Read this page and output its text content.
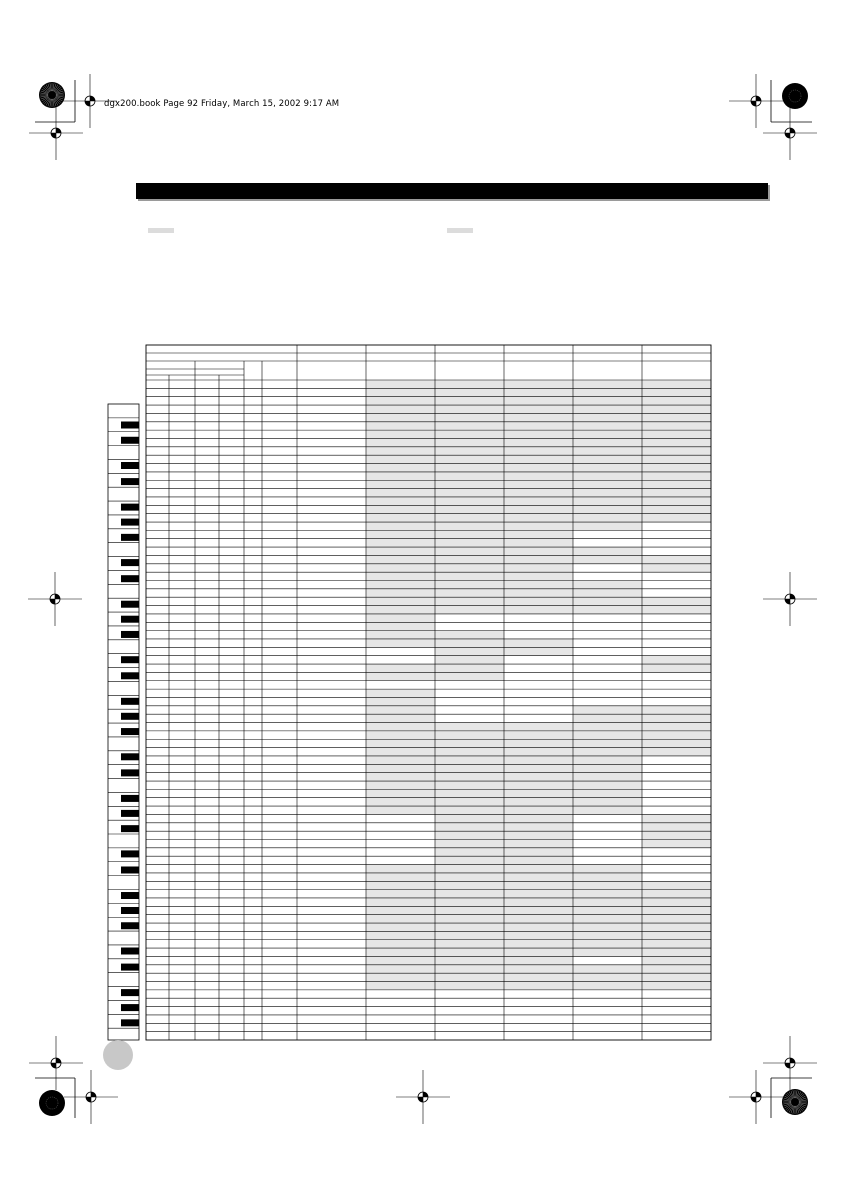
dgx200.book Page 92 Friday, March 15, 2002 9:17 AM
